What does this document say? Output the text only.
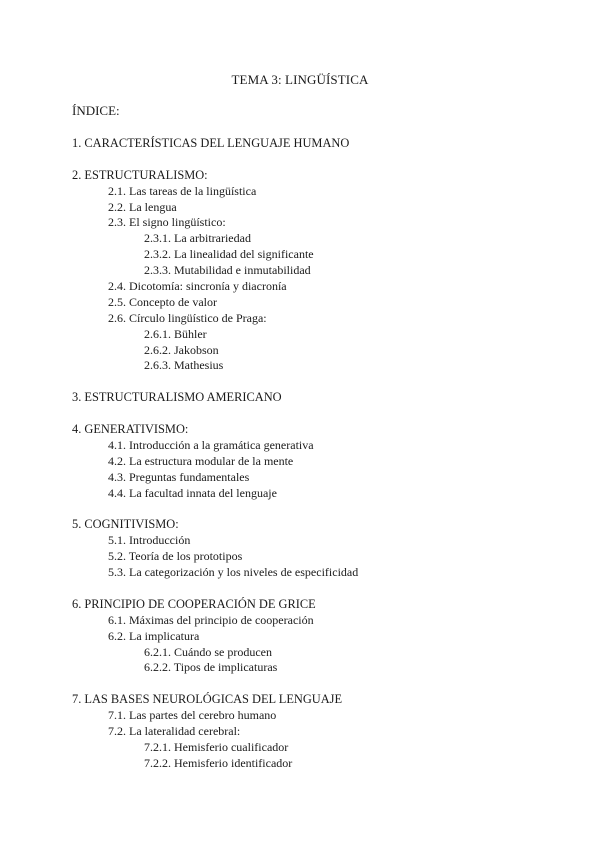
TEMA 3: LINGÜÍSTICA
ÍNDICE:
1. CARACTERÍSTICAS DEL LENGUAJE HUMANO
2. ESTRUCTURALISMO:
2.1. Las tareas de la lingüística
2.2. La lengua
2.3. El signo lingüístico:
2.3.1. La arbitrariedad
2.3.2. La linealidad del significante
2.3.3. Mutabilidad e inmutabilidad
2.4. Dicotomía: sincronía y diacronía
2.5. Concepto de valor
2.6. Círculo lingüístico de Praga:
2.6.1. Bühler
2.6.2. Jakobson
2.6.3. Mathesius
3. ESTRUCTURALISMO AMERICANO
4. GENERATIVISMO:
4.1. Introducción a la gramática generativa
4.2. La estructura modular de la mente
4.3. Preguntas fundamentales
4.4. La facultad innata del lenguaje
5. COGNITIVISMO:
5.1. Introducción
5.2. Teoría de los prototipos
5.3. La categorización y los niveles de especificidad
6. PRINCIPIO DE COOPERACIÓN DE GRICE
6.1. Máximas del principio de cooperación
6.2. La implicatura
6.2.1. Cuándo se producen
6.2.2. Tipos de implicaturas
7. LAS BASES NEUROLÓGICAS DEL LENGUAJE
7.1. Las partes del cerebro humano
7.2. La lateralidad cerebral:
7.2.1. Hemisferio cualificador
7.2.2. Hemisferio identificador
